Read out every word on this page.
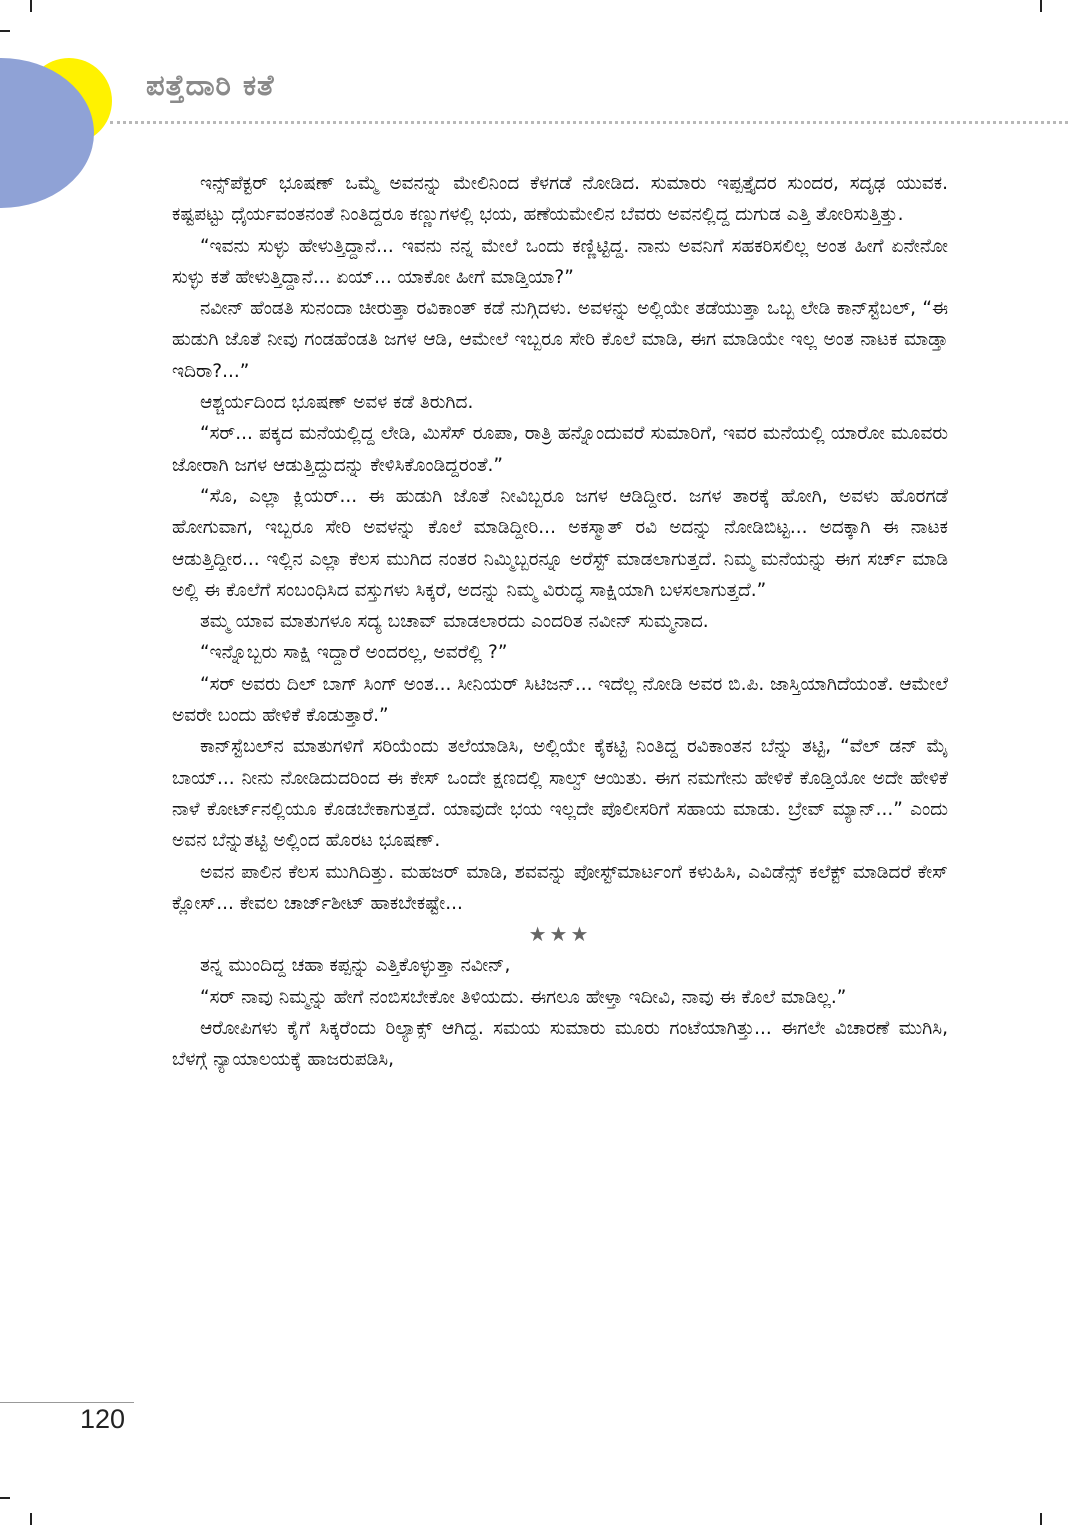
ಪತ್ತೆದಾರಿ ಕತೆ

ಇನ್ಸ್‌ಪೆಕ್ಟರ್ ಭೂಷಣ್ ಒಮ್ಮೆ ಅವನನ್ನು ಮೇಲಿನಿಂದ ಕೆಳಗಡೆ ನೋಡಿದ. ಸುಮಾರು ಇಪ್ಪತ್ತೈದರ ಸುಂದರ, ಸದೃಢ ಯುವಕ. ಕಷ್ಟಪಟ್ಟು ಧೈರ್ಯವಂತನಂತೆ ನಿಂತಿದ್ದರೂ ಕಣ್ಣುಗಳಲ್ಲಿ ಭಯ, ಹಣೆಯಮೇಲಿನ ಬೆವರು ಅವನಲ್ಲಿದ್ದ ದುಗುಡ ಎತ್ತಿ ತೋರಿಸುತ್ತಿತ್ತು.

“ಇವನು ಸುಳ್ಳು ಹೇಳುತ್ತಿದ್ದಾನೆ... ಇವನು ನನ್ನ ಮೇಲೆ ಒಂದು ಕಣ್ಣಿಟ್ಟಿದ್ದ. ನಾನು ಅವನಿಗೆ ಸಹಕರಿಸಲಿಲ್ಲ ಅಂತ ಹೀಗೆ ಏನೇನೋ ಸುಳ್ಳು ಕತೆ ಹೇಳುತ್ತಿದ್ದಾನೆ... ಏಯ್... ಯಾಕೋ ಹೀಗೆ ಮಾಡ್ತಿಯಾ?”

ನವೀನ್ ಹೆಂಡತಿ ಸುನಂದಾ ಚೀರುತ್ತಾ ರವಿಕಾಂತ್ ಕಡೆ ನುಗ್ಗಿದಳು. ಅವಳನ್ನು ಅಲ್ಲಿಯೇ ತಡೆಯುತ್ತಾ ಒಬ್ಬ ಲೇಡಿ ಕಾನ್‌ಸ್ಟೆಬಲ್, “ಈ ಹುಡುಗಿ ಜೊತೆ ನೀವು ಗಂಡಹೆಂಡತಿ ಜಗಳ ಆಡಿ, ಆಮೇಲೆ ಇಬ್ಬರೂ ಸೇರಿ ಕೊಲೆ ಮಾಡಿ, ಈಗ ಮಾಡಿಯೇ ಇಲ್ಲ ಅಂತ ನಾಟಕ ಮಾಡ್ತಾ ಇದಿರಾ?...”

ಆಶ್ಚರ್ಯದಿಂದ ಭೂಷಣ್ ಅವಳ ಕಡೆ ತಿರುಗಿದ.

“ಸರ್... ಪಕ್ಕದ ಮನೆಯಲ್ಲಿದ್ದ ಲೇಡಿ, ಮಿಸೆಸ್ ರೂಪಾ, ರಾತ್ರಿ ಹನ್ನೊಂದುವರೆ ಸುಮಾರಿಗೆ, ಇವರ ಮನೆಯಲ್ಲಿ ಯಾರೋ ಮೂವರು ಜೋರಾಗಿ ಜಗಳ ಆಡುತ್ತಿದ್ದುದನ್ನು ಕೇಳಿಸಿಕೊಂಡಿದ್ದರಂತೆ.”

“ಸೊ, ಎಲ್ಲಾ ಕ್ಲಿಯರ್... ಈ ಹುಡುಗಿ ಜೊತೆ ನೀವಿಬ್ಬರೂ ಜಗಳ ಆಡಿದ್ದೀರ. ಜಗಳ ತಾರಕ್ಕೆ ಹೋಗಿ, ಅವಳು ಹೊರಗಡೆ ಹೋಗುವಾಗ, ಇಬ್ಬರೂ ಸೇರಿ ಅವಳನ್ನು ಕೊಲೆ ಮಾಡಿದ್ದೀರಿ... ಅಕಸ್ಮಾತ್ ರವಿ ಅದನ್ನು ನೋಡಿಬಿಟ್ಟ... ಅದಕ್ಕಾಗಿ ಈ ನಾಟಕ ಆಡುತ್ತಿದ್ದೀರ... ಇಲ್ಲಿನ ಎಲ್ಲಾ ಕೆಲಸ ಮುಗಿದ ನಂತರ ನಿಮ್ಮಿಬ್ಬರನ್ನೂ ಅರೆಸ್ಟ್ ಮಾಡಲಾಗುತ್ತದೆ. ನಿಮ್ಮ ಮನೆಯನ್ನು ಈಗ ಸರ್ಚ್ ಮಾಡಿ ಅಲ್ಲಿ ಈ ಕೊಲೆಗೆ ಸಂಬಂಧಿಸಿದ ವಸ್ತುಗಳು ಸಿಕ್ಕರೆ, ಅದನ್ನು ನಿಮ್ಮ ವಿರುದ್ಧ ಸಾಕ್ಷಿಯಾಗಿ ಬಳಸಲಾಗುತ್ತದೆ.”

ತಮ್ಮ ಯಾವ ಮಾತುಗಳೂ ಸದ್ಯ ಬಚಾವ್ ಮಾಡಲಾರದು ಎಂದರಿತ ನವೀನ್ ಸುಮ್ಮನಾದ.

“ಇನ್ನೊಬ್ಬರು ಸಾಕ್ಷಿ ಇದ್ದಾರೆ ಅಂದರಲ್ಲ, ಅವರೆಲ್ಲಿ ?”

“ಸರ್ ಅವರು ದಿಲ್ ಬಾಗ್ ಸಿಂಗ್ ಅಂತ... ಸೀನಿಯರ್ ಸಿಟಿಜನ್... ಇದೆಲ್ಲ ನೋಡಿ ಅವರ ಬಿ.ಪಿ. ಜಾಸ್ತಿಯಾಗಿದೆಯಂತೆ. ಆಮೇಲೆ ಅವರೇ ಬಂದು ಹೇಳಿಕೆ ಕೊಡುತ್ತಾರೆ.”

ಕಾನ್‌ಸ್ಟೆಬಲ್‌ನ ಮಾತುಗಳಿಗೆ ಸರಿಯೆಂದು ತಲೆಯಾಡಿಸಿ, ಅಲ್ಲಿಯೇ ಕೈಕಟ್ಟಿ ನಿಂತಿದ್ದ ರವಿಕಾಂತನ ಬೆನ್ನು ತಟ್ಟಿ, “ವೆಲ್ ಡನ್ ಮೈ ಬಾಯ್... ನೀನು ನೋಡಿದುದರಿಂದ ಈ ಕೇಸ್ ಒಂದೇ ಕ್ಷಣದಲ್ಲಿ ಸಾಲ್ವ್ ಆಯಿತು. ಈಗ ನಮಗೇನು ಹೇಳಿಕೆ ಕೊಡ್ತಿಯೋ ಅದೇ ಹೇಳಿಕೆ ನಾಳೆ ಕೋರ್ಟ್‌ನಲ್ಲಿಯೂ ಕೊಡಬೇಕಾಗುತ್ತದೆ. ಯಾವುದೇ ಭಯ ಇಲ್ಲದೇ ಪೊಲೀಸರಿಗೆ ಸಹಾಯ ಮಾಡು. ಬ್ರೇವ್ ಮ್ಯಾನ್...” ಎಂದು ಅವನ ಬೆನ್ನುತಟ್ಟಿ ಅಲ್ಲಿಂದ ಹೊರಟ ಭೂಷಣ್.

ಅವನ ಪಾಲಿನ ಕೆಲಸ ಮುಗಿದಿತ್ತು. ಮಹಜರ್ ಮಾಡಿ, ಶವವನ್ನು ಪೋಸ್ಟ್‌ಮಾರ್ಟಂಗೆ ಕಳುಹಿಸಿ, ಎವಿಡೆನ್ಸ್ ಕಲೆಕ್ಟ್ ಮಾಡಿದರೆ ಕೇಸ್ ಕ್ಲೋಸ್... ಕೇವಲ ಚಾರ್ಜ್‌ಶೀಟ್ ಹಾಕಬೇಕಷ್ಟೇ...

★★★

ತನ್ನ ಮುಂದಿದ್ದ ಚಹಾ ಕಪ್ಪನ್ನು ಎತ್ತಿಕೊಳ್ಳುತ್ತಾ ನವೀನ್,

“ಸರ್ ನಾವು ನಿಮ್ಮನ್ನು ಹೇಗೆ ನಂಬಿಸಬೇಕೋ ತಿಳಿಯದು. ಈಗಲೂ ಹೇಳ್ತಾ ಇದೀವಿ, ನಾವು ಈ ಕೊಲೆ ಮಾಡಿಲ್ಲ.”

ಆರೋಪಿಗಳು ಕೈಗೆ ಸಿಕ್ಕರೆಂದು ರಿಲ್ಯಾಕ್ಸ್ ಆಗಿದ್ದ. ಸಮಯ ಸುಮಾರು ಮೂರು ಗಂಟೆಯಾಗಿತ್ತು... ಈಗಲೇ ವಿಚಾರಣೆ ಮುಗಿಸಿ, ಬೆಳಗ್ಗೆ ನ್ಯಾಯಾಲಯಕ್ಕೆ ಹಾಜರುಪಡಿಸಿ,

120
